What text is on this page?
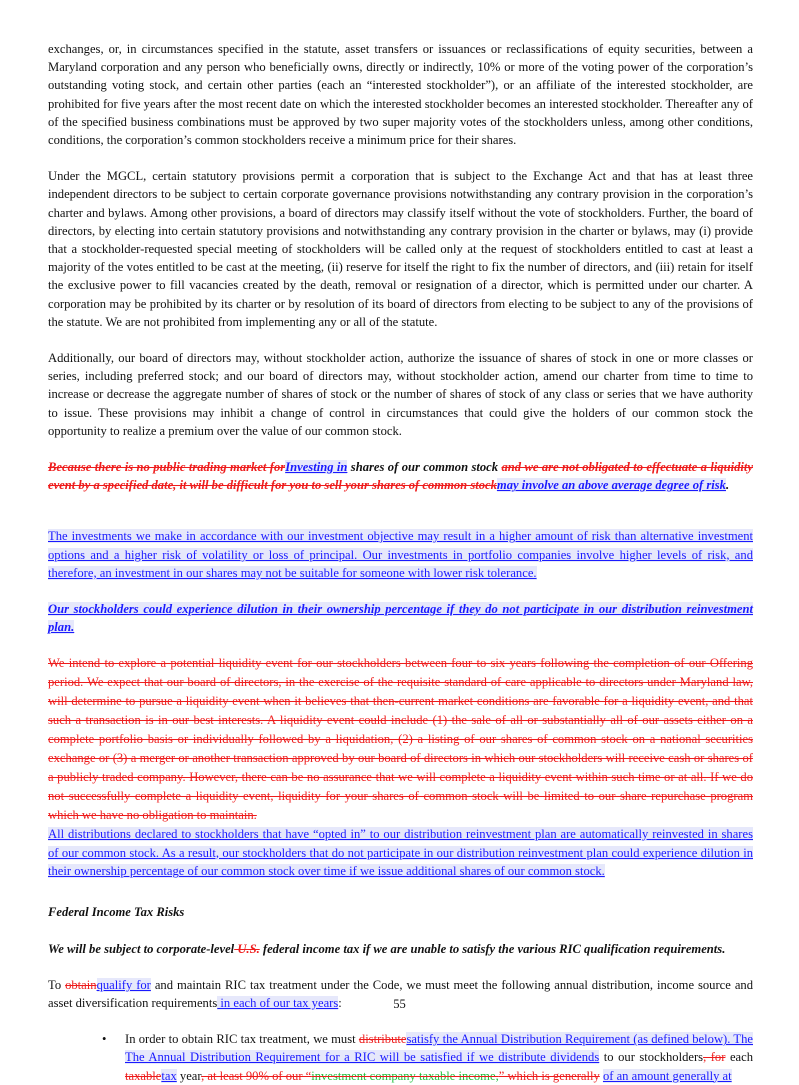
exchanges, or, in circumstances specified in the statute, asset transfers or issuances or reclassifications of equity securities, between a Maryland corporation and any person who beneficially owns, directly or indirectly, 10% or more of the voting power of the corporation’s outstanding voting stock, and certain other parties (each an “interested stockholder”), or an affiliate of the interested stockholder, are prohibited for five years after the most recent date on which the interested stockholder becomes an interested stockholder. Thereafter any of of the specified business combinations must be approved by two super majority votes of the stockholders unless, among other conditions, conditions, the corporation’s common stockholders receive a minimum price for their shares.

Under the MGCL, certain statutory provisions permit a corporation that is subject to the Exchange Act and that has at least three independent directors to be subject to certain corporate governance provisions notwithstanding any contrary provision in the corporation’s charter and bylaws. Among other provisions, a board of directors may classify itself without the vote of stockholders. Further, the board of directors, by electing into certain statutory provisions and notwithstanding any contrary provision in the charter or bylaws, may (i) provide that a stockholder-requested special meeting of stockholders will be called only at the request of stockholders entitled to cast at least a majority of the votes entitled to be cast at the meeting, (ii) reserve for itself the right to fix the number of directors, and (iii) retain for itself the exclusive power to fill vacancies created by the death, removal or resignation of a director, which is permitted under our charter. A corporation may be prohibited by its charter or by resolution of its board of directors from electing to be subject to any of the provisions of the statute. We are not prohibited from implementing any or all of the statute.

Additionally, our board of directors may, without stockholder action, authorize the issuance of shares of stock in one or more classes or series, including preferred stock; and our board of directors may, without stockholder action, amend our charter from time to time to increase or decrease the aggregate number of shares of stock or the number of shares of stock of any class or series that we have authority to issue. These provisions may inhibit a change of control in circumstances that could give the holders of our common stock the opportunity to realize a premium over the value of our common stock.

Because there is no public trading market forInvesting in shares of our common stock and we are not obligated to effectuate a liquidity event by a specified date, it will be difficult for you to sell your shares of common stockmay involve an above average degree of risk.

The investments we make in accordance with our investment objective may result in a higher amount of risk than alternative investment options and a higher risk of volatility or loss of principal. Our investments in portfolio companies involve higher levels of risk, and therefore, an investment in our shares may not be suitable for someone with lower risk tolerance.

Our stockholders could experience dilution in their ownership percentage if they do not participate in our distribution reinvestment plan.

We intend to explore a potential liquidity event for our stockholders between four to six years following the completion of our Offering period. We expect that our board of directors, in the exercise of the requisite standard of care applicable to directors under Maryland law, will determine to pursue a liquidity event when it believes that then-current market conditions are favorable for a liquidity event, and that such a transaction is in our best interests. A liquidity event could include (1) the sale of all or substantially all of our assets either on a complete portfolio basis or individually followed by a liquidation, (2) a listing of our shares of common stock on a national securities exchange or (3) a merger or another transaction approved by our board of directors in which our stockholders will receive cash or shares of a publicly traded company. However, there can be no assurance that we will complete a liquidity event within such time or at all. If we do not successfully complete a liquidity event, liquidity for your shares of common stock will be limited to our share repurchase program which we have no obligation to maintain.

All distributions declared to stockholders that have “opted in” to our distribution reinvestment plan are automatically reinvested in shares of our common stock. As a result, our stockholders that do not participate in our distribution reinvestment plan could experience dilution in their ownership percentage of our common stock over time if we issue additional shares of our common stock.

Federal Income Tax Risks

We will be subject to corporate-level U.S. federal income tax if we are unable to satisfy the various RIC qualification requirements.

To obtainqualify for and maintain RIC tax treatment under the Code, we must meet the following annual distribution, income source and asset diversification requirements in each of our tax years:

• In order to obtain RIC tax treatment, we must distributesatisfy the Annual Distribution Requirement (as defined below). The The Annual Distribution Requirement for a RIC will be satisfied if we distribute dividends to our stockholders, for each taxabletax year, at least 90% of our “investment company taxable income,” which is generally of an amount generally at

55
